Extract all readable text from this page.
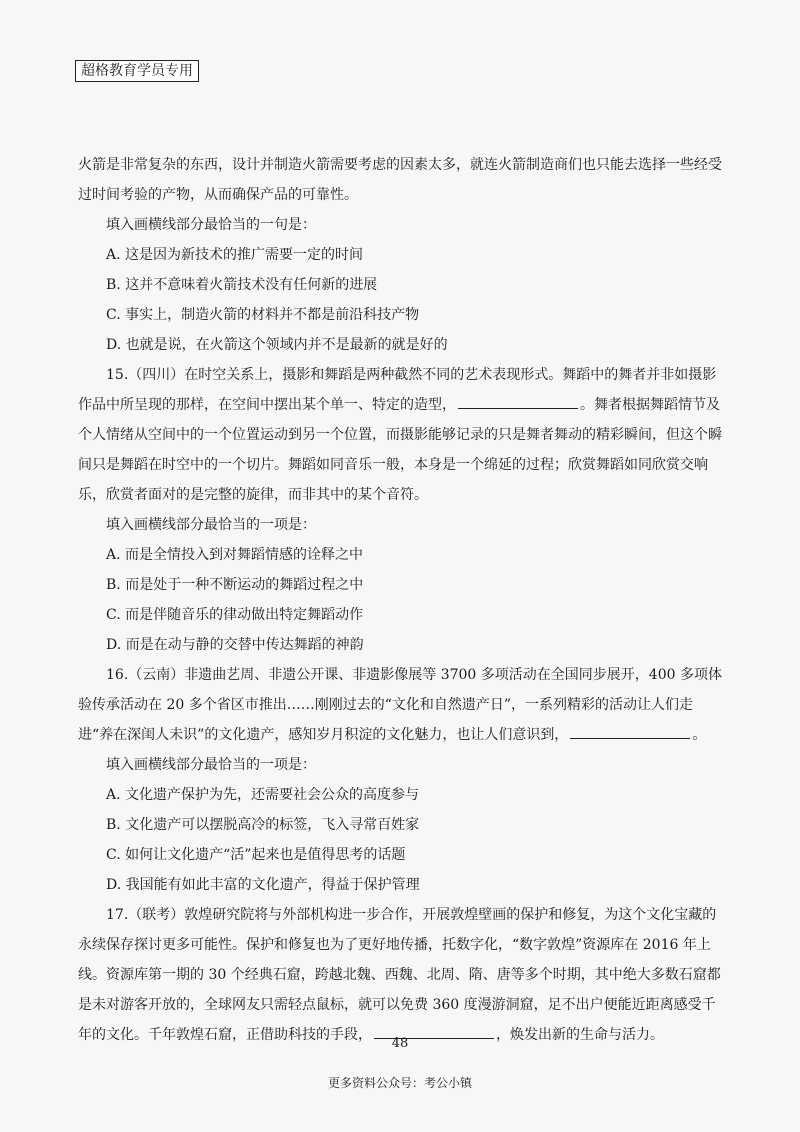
超格教育学员专用

火箭是非常复杂的东西，设计并制造火箭需要考虑的因素太多，就连火箭制造商们也只能去选择一些经受过时间考验的产物，从而确保产品的可靠性。

填入画横线部分最恰当的一句是：

A. 这是因为新技术的推广需要一定的时间

B. 这并不意味着火箭技术没有任何新的进展

C. 事实上，制造火箭的材料并不都是前沿科技产物

D. 也就是说，在火箭这个领域内并不是最新的就是好的

15.（四川）在时空关系上，摄影和舞蹈是两种截然不同的艺术表现形式。舞蹈中的舞者并非如摄影作品中所呈现的那样，在空间中摆出某个单一、特定的造型，	。舞者根据舞蹈情节及个人情绪从空间中的一个位置运动到另一个位置，而摄影能够记录的只是舞者舞动的精彩瞬间，但这个瞬间只是舞蹈在时空中的一个切片。舞蹈如同音乐一般，本身是一个绵延的过程；欣赏舞蹈如同欣赏交响乐，欣赏者面对的是完整的旋律，而非其中的某个音符。

填入画横线部分最恰当的一项是：

A. 而是全情投入到对舞蹈情感的诠释之中

B. 而是处于一种不断运动的舞蹈过程之中

C. 而是伴随音乐的律动做出特定舞蹈动作

D. 而是在动与静的交替中传达舞蹈的神韵

16.（云南）非遗曲艺周、非遗公开课、非遗影像展等 3700 多项活动在全国同步展开，400 多项体验传承活动在 20 多个省区市推出……刚刚过去的“文化和自然遗产日”，一系列精彩的活动让人们走进“养在深闺人未识”的文化遗产，感知岁月积淀的文化魅力，也让人们意识到，	。

填入画横线部分最恰当的一项是：

A. 文化遗产保护为先，还需要社会公众的高度参与

B. 文化遗产可以摆脱高冷的标签，飞入寻常百姓家

C. 如何让文化遗产“活”起来也是值得思考的话题

D. 我国能有如此丰富的文化遗产，得益于保护管理

17.（联考）敦煌研究院将与外部机构进一步合作，开展敦煌壁画的保护和修复，为这个文化宝藏的永续保存探讨更多可能性。保护和修复也为了更好地传播，托数字化，“数字敦煌”资源库在 2016 年上线。资源库第一期的 30 个经典石窟，跨越北魏、西魏、北周、隋、唐等多个时期，其中绝大多数石窟都是未对游客开放的，全球网友只需轻点鼠标，就可以免费 360 度漫游洞窟，足不出户便能近距离感受千年的文化。千年敦煌石窟，正借助科技的手段，	，焕发出新的生命与活力。

48
更多资料公众号：考公小镇
